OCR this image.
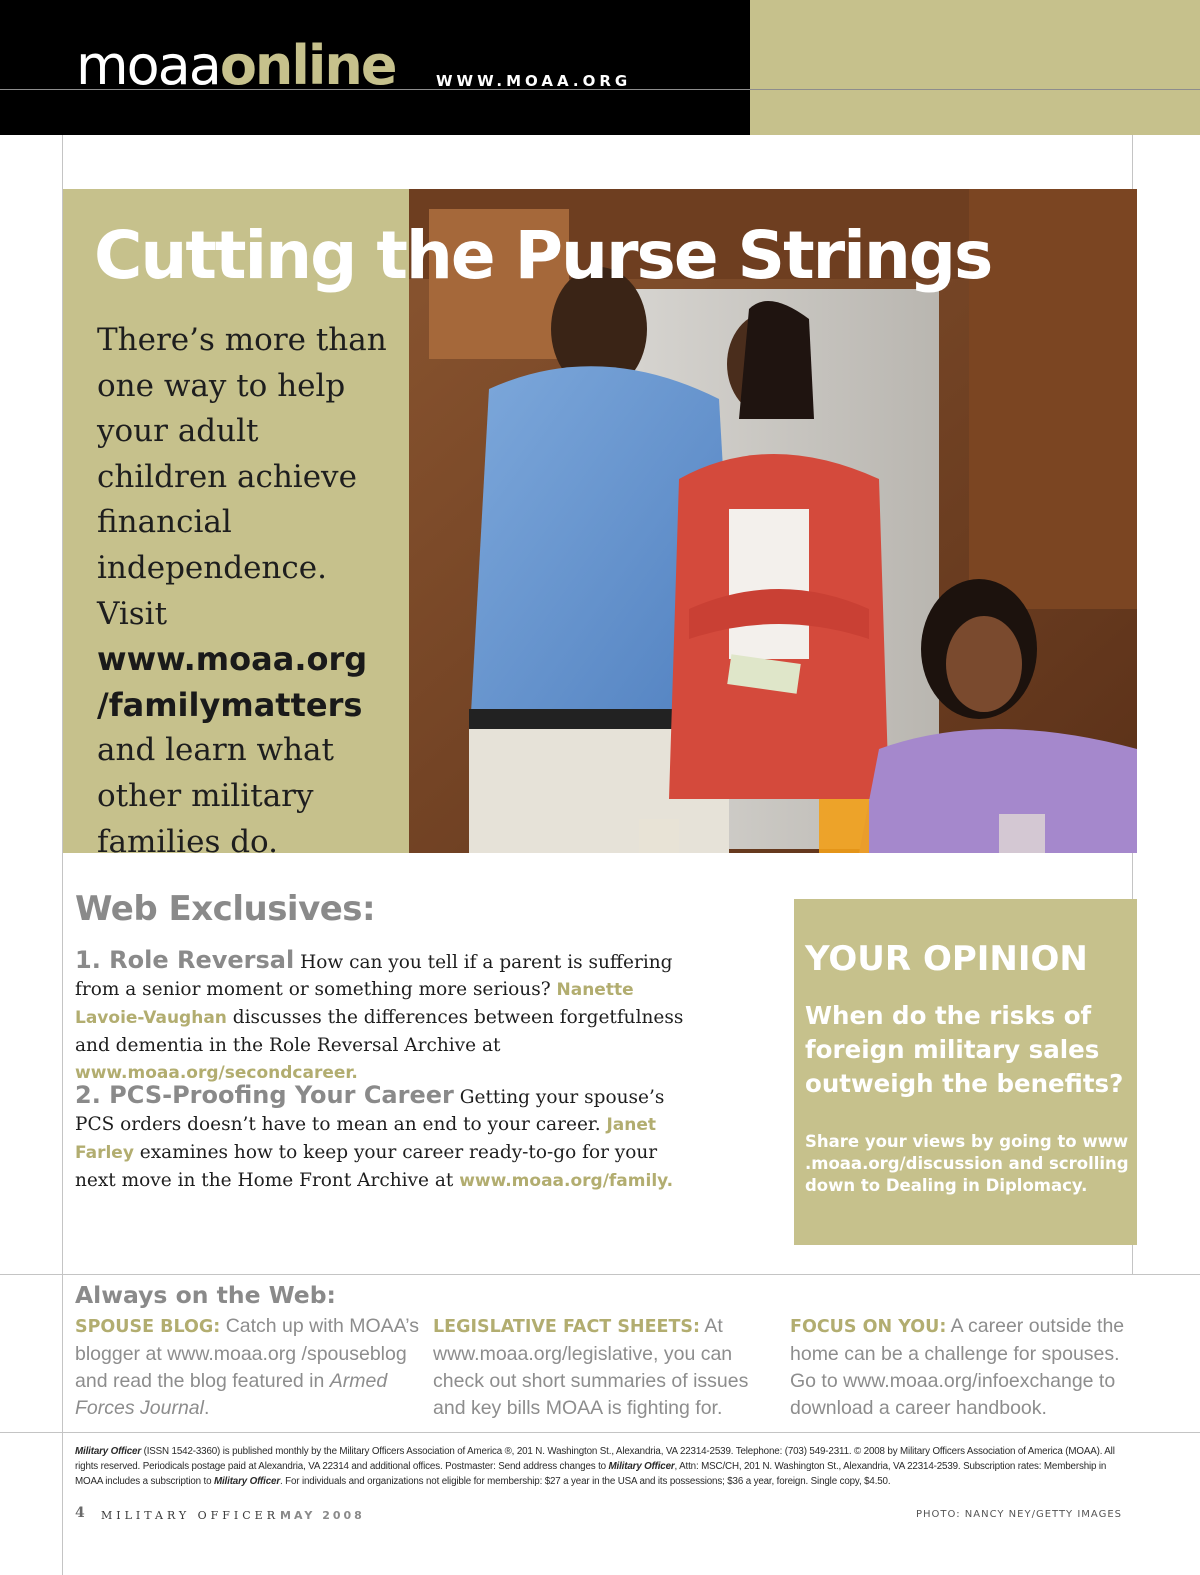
moaaonline	WWW.MOAA.ORG
Cutting the Purse Strings
There’s more than one way to help your adult children achieve financial independence. Visit
www.moaa.org
/familymatters
and learn what other military families do.
Web Exclusives:
1. Role Reversal How can you tell if a parent is suffering from a senior moment or something more serious? Nanette Lavoie-Vaughan discusses the differences between forgetfulness and dementia in the Role Reversal Archive at www.moaa.org/secondcareer.
2. PCS-Proofing Your Career Getting your spouse’s PCS orders doesn’t have to mean an end to your career. Janet Farley examines how to keep your career ready-to-go for your next move in the Home Front Archive at www.moaa.org/family.
YOUR OPINION
When do the risks of foreign military sales outweigh the benefits?
Share your views by going to www .moaa.org/discussion and scrolling down to Dealing in Diplomacy.
Always on the Web:
SPOUSE BLOG: Catch up with MOAA’s blogger at www.moaa.org /spouseblog and read the blog featured in Armed Forces Journal.
LEGISLATIVE FACT SHEETS: At www.moaa.org/legislative, you can check out short summaries of issues and key bills MOAA is fighting for.
FOCUS ON YOU: A career outside the home can be a challenge for spouses. Go to www.moaa.org/infoexchange to download a career handbook.
Military Officer (ISSN 1542-3360) is published monthly by the Military Officers Association of America ®, 201 N. Washington St., Alexandria, VA 22314-2539. Telephone: (703) 549-2311. © 2008 by Military Officers Association of America (MOAA). All rights reserved. Periodicals postage paid at Alexandria, VA 22314 and additional offices. Postmaster: Send address changes to Military Officer, Attn: MSC/CH, 201 N. Washington St., Alexandria, VA 22314-2539. Subscription rates: Membership in MOAA includes a subscription to Military Officer. For individuals and organizations not eligible for membership: $27 a year in the USA and its possessions; $36 a year, foreign. Single copy, $4.50.
4 MILITARY OFFICER MAY 2008	PHOTO: NANCY NEY/GETTY IMAGES
